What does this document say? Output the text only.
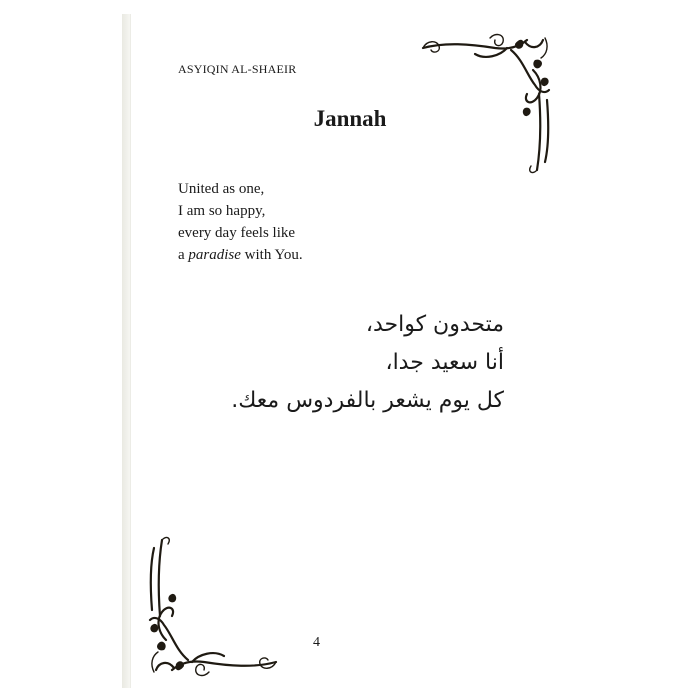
ASYIQIN AL-SHAEIR
Jannah
United as one,
I am so happy,
every day feels like
a paradise with You.
متحدون كواحد،
أنا سعيد جدا،
كل يوم يشعر بالفردوس معك.
4
